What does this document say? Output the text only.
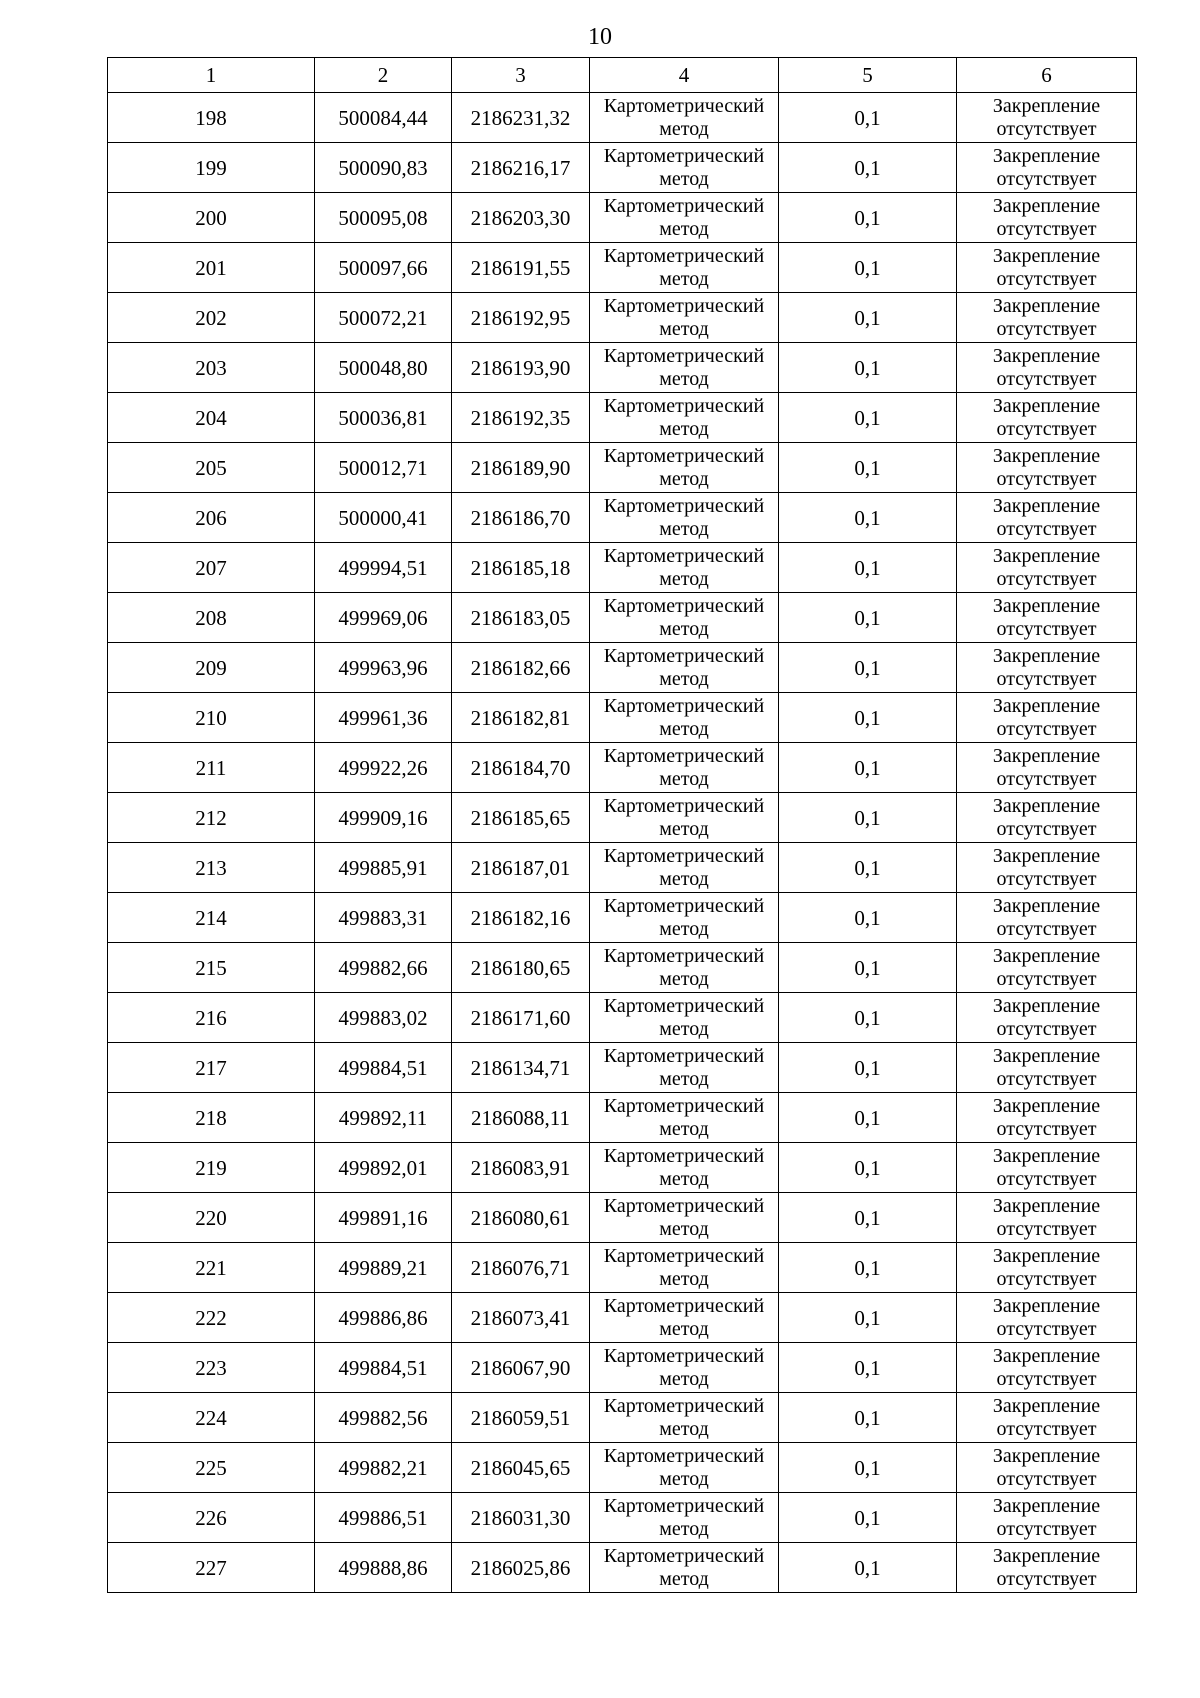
10
1	2	3	4	5	6
198	500084,44	2186231,32	Картометрический метод	0,1	Закрепление отсутствует
199	500090,83	2186216,17	Картометрический метод	0,1	Закрепление отсутствует
200	500095,08	2186203,30	Картометрический метод	0,1	Закрепление отсутствует
201	500097,66	2186191,55	Картометрический метод	0,1	Закрепление отсутствует
202	500072,21	2186192,95	Картометрический метод	0,1	Закрепление отсутствует
203	500048,80	2186193,90	Картометрический метод	0,1	Закрепление отсутствует
204	500036,81	2186192,35	Картометрический метод	0,1	Закрепление отсутствует
205	500012,71	2186189,90	Картометрический метод	0,1	Закрепление отсутствует
206	500000,41	2186186,70	Картометрический метод	0,1	Закрепление отсутствует
207	499994,51	2186185,18	Картометрический метод	0,1	Закрепление отсутствует
208	499969,06	2186183,05	Картометрический метод	0,1	Закрепление отсутствует
209	499963,96	2186182,66	Картометрический метод	0,1	Закрепление отсутствует
210	499961,36	2186182,81	Картометрический метод	0,1	Закрепление отсутствует
211	499922,26	2186184,70	Картометрический метод	0,1	Закрепление отсутствует
212	499909,16	2186185,65	Картометрический метод	0,1	Закрепление отсутствует
213	499885,91	2186187,01	Картометрический метод	0,1	Закрепление отсутствует
214	499883,31	2186182,16	Картометрический метод	0,1	Закрепление отсутствует
215	499882,66	2186180,65	Картометрический метод	0,1	Закрепление отсутствует
216	499883,02	2186171,60	Картометрический метод	0,1	Закрепление отсутствует
217	499884,51	2186134,71	Картометрический метод	0,1	Закрепление отсутствует
218	499892,11	2186088,11	Картометрический метод	0,1	Закрепление отсутствует
219	499892,01	2186083,91	Картометрический метод	0,1	Закрепление отсутствует
220	499891,16	2186080,61	Картометрический метод	0,1	Закрепление отсутствует
221	499889,21	2186076,71	Картометрический метод	0,1	Закрепление отсутствует
222	499886,86	2186073,41	Картометрический метод	0,1	Закрепление отсутствует
223	499884,51	2186067,90	Картометрический метод	0,1	Закрепление отсутствует
224	499882,56	2186059,51	Картометрический метод	0,1	Закрепление отсутствует
225	499882,21	2186045,65	Картометрический метод	0,1	Закрепление отсутствует
226	499886,51	2186031,30	Картометрический метод	0,1	Закрепление отсутствует
227	499888,86	2186025,86	Картометрический метод	0,1	Закрепление отсутствует
